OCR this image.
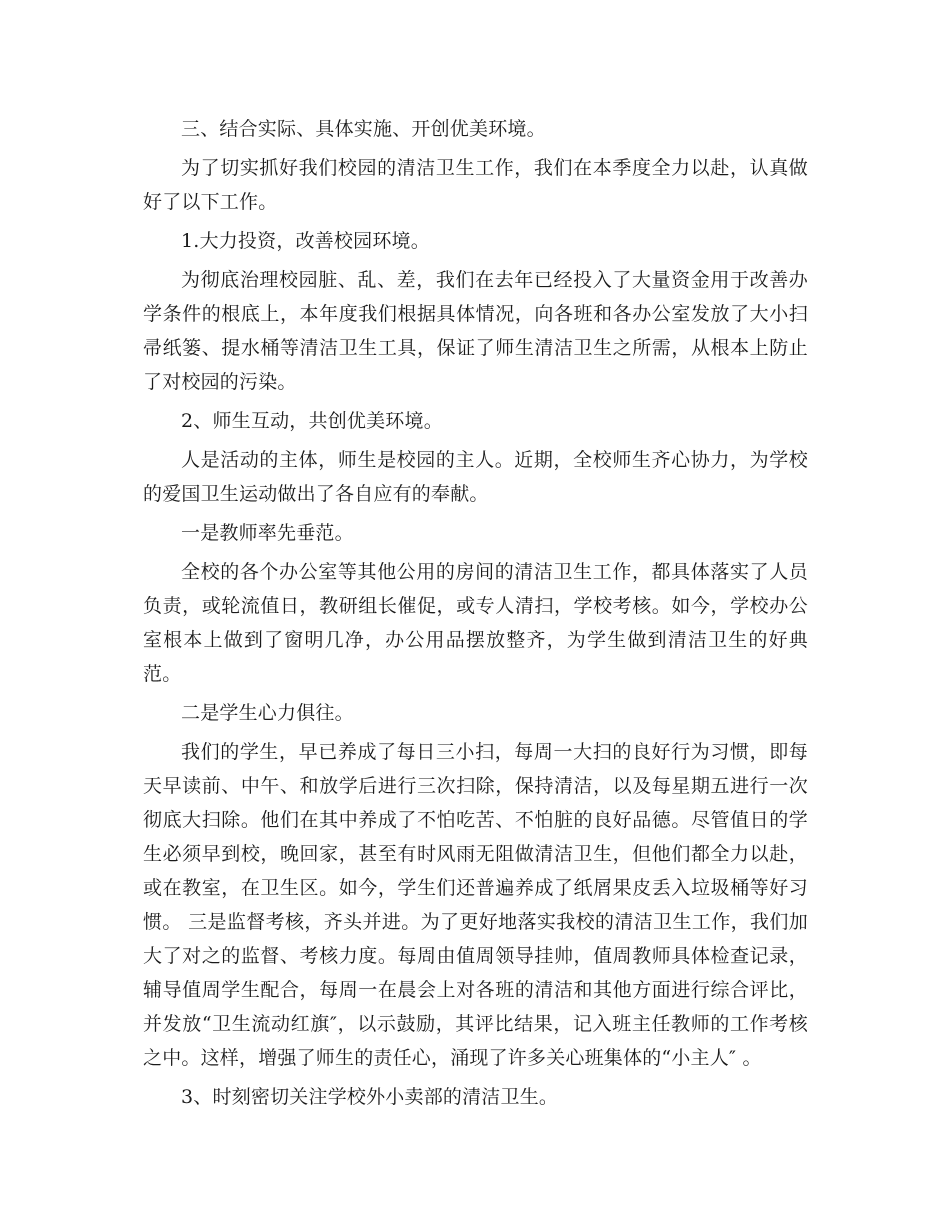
三、结合实际、具体实施、开创优美环境。

为了切实抓好我们校园的清洁卫生工作，我们在本季度全力以赴，认真做好了以下工作。

1.大力投资，改善校园环境。

为彻底治理校园脏、乱、差，我们在去年已经投入了大量资金用于改善办学条件的根底上，本年度我们根据具体情况，向各班和各办公室发放了大小扫帚纸篓、提水桶等清洁卫生工具，保证了师生清洁卫生之所需，从根本上防止了对校园的污染。

2、师生互动，共创优美环境。

人是活动的主体，师生是校园的主人。近期，全校师生齐心协力，为学校的爱国卫生运动做出了各自应有的奉献。

一是教师率先垂范。

全校的各个办公室等其他公用的房间的清洁卫生工作，都具体落实了人员负责，或轮流值日，教研组长催促，或专人清扫，学校考核。如今，学校办公室根本上做到了窗明几净，办公用品摆放整齐，为学生做到清洁卫生的好典范。

二是学生心力俱往。

我们的学生，早已养成了每日三小扫，每周一大扫的良好行为习惯，即每天早读前、中午、和放学后进行三次扫除，保持清洁，以及每星期五进行一次彻底大扫除。他们在其中养成了不怕吃苦、不怕脏的良好品德。尽管值日的学生必须早到校，晚回家，甚至有时风雨无阻做清洁卫生，但他们都全力以赴，或在教室，在卫生区。如今，学生们还普遍养成了纸屑果皮丢入垃圾桶等好习惯。 三是监督考核，齐头并进。为了更好地落实我校的清洁卫生工作，我们加大了对之的监督、考核力度。每周由值周领导挂帅，值周教师具体检查记录，辅导值周学生配合，每周一在晨会上对各班的清洁和其他方面进行综合评比，并发放“卫生流动红旗″，以示鼓励，其评比结果，记入班主任教师的工作考核之中。这样，增强了师生的责任心，涌现了许多关心班集体的“小主人″ 。

3、时刻密切关注学校外小卖部的清洁卫生。
